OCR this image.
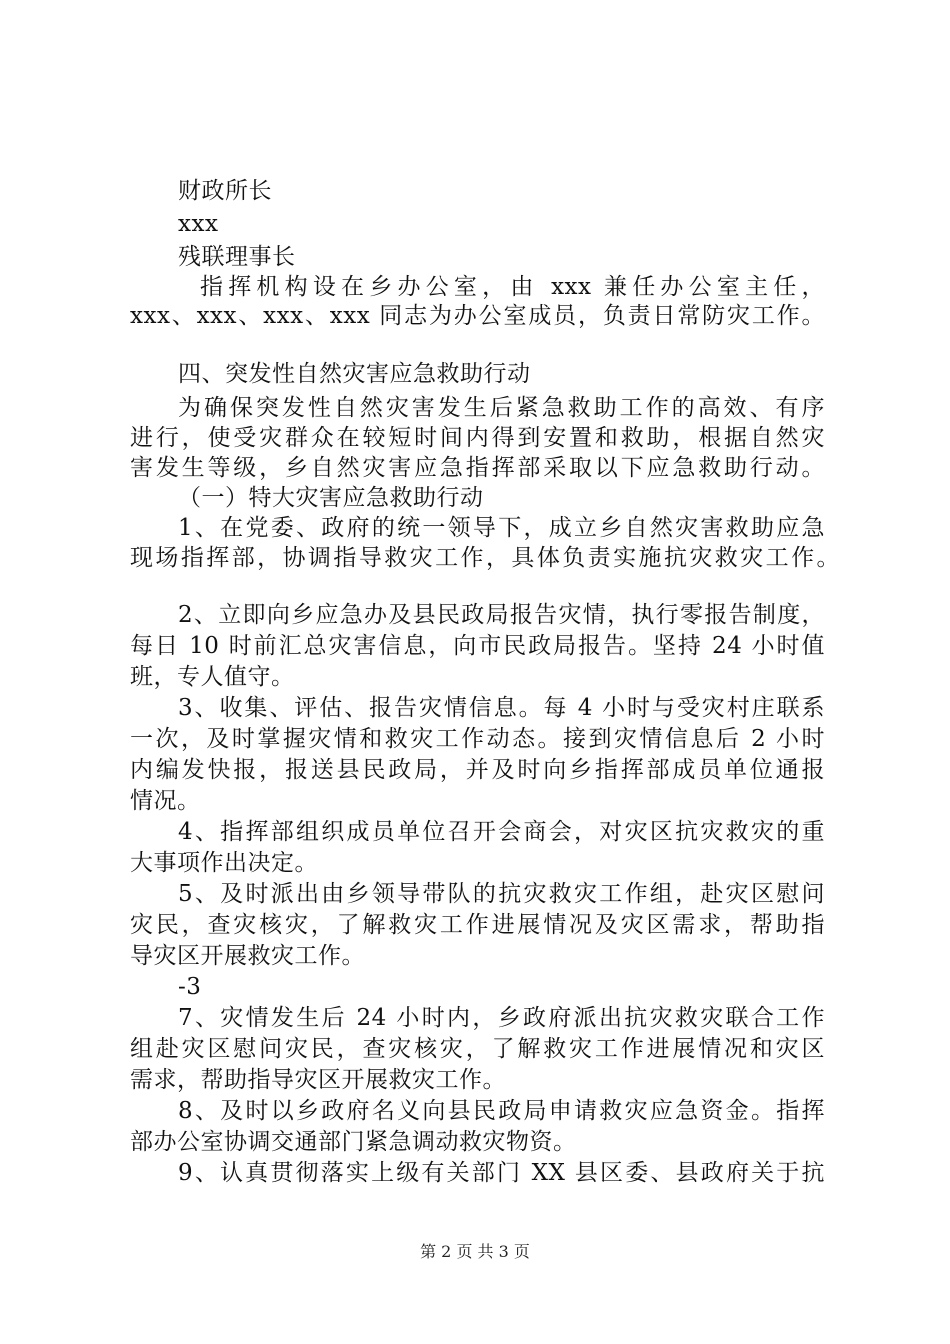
财政所长
xxx
残联理事长
指挥机构设在乡办公室，由 xxx 兼任办公室主任，
xxx、xxx、xxx、xxx 同志为办公室成员，负责日常防灾工作。
四、突发性自然灾害应急救助行动
为确保突发性自然灾害发生后紧急救助工作的高效、有序
进行，使受灾群众在较短时间内得到安置和救助，根据自然灾
害发生等级，乡自然灾害应急指挥部采取以下应急救助行动。
（一）特大灾害应急救助行动
1、在党委、政府的统一领导下，成立乡自然灾害救助应急
现场指挥部，协调指导救灾工作，具体负责实施抗灾救灾工作。
2、立即向乡应急办及县民政局报告灾情，执行零报告制度，
每日 10 时前汇总灾害信息，向市民政局报告。坚持 24 小时值
班，专人值守。
3、收集、评估、报告灾情信息。每 4 小时与受灾村庄联系
一次，及时掌握灾情和救灾工作动态。接到灾情信息后 2 小时
内编发快报，报送县民政局，并及时向乡指挥部成员单位通报
情况。
4、指挥部组织成员单位召开会商会，对灾区抗灾救灾的重
大事项作出决定。
5、及时派出由乡领导带队的抗灾救灾工作组，赴灾区慰问
灾民，查灾核灾，了解救灾工作进展情况及灾区需求，帮助指
导灾区开展救灾工作。
-3
7、灾情发生后 24 小时内，乡政府派出抗灾救灾联合工作
组赴灾区慰问灾民，查灾核灾，了解救灾工作进展情况和灾区
需求，帮助指导灾区开展救灾工作。
8、及时以乡政府名义向县民政局申请救灾应急资金。指挥
部办公室协调交通部门紧急调动救灾物资。
9、认真贯彻落实上级有关部门 XX 县区委、县政府关于抗
第 2 页 共 3 页
